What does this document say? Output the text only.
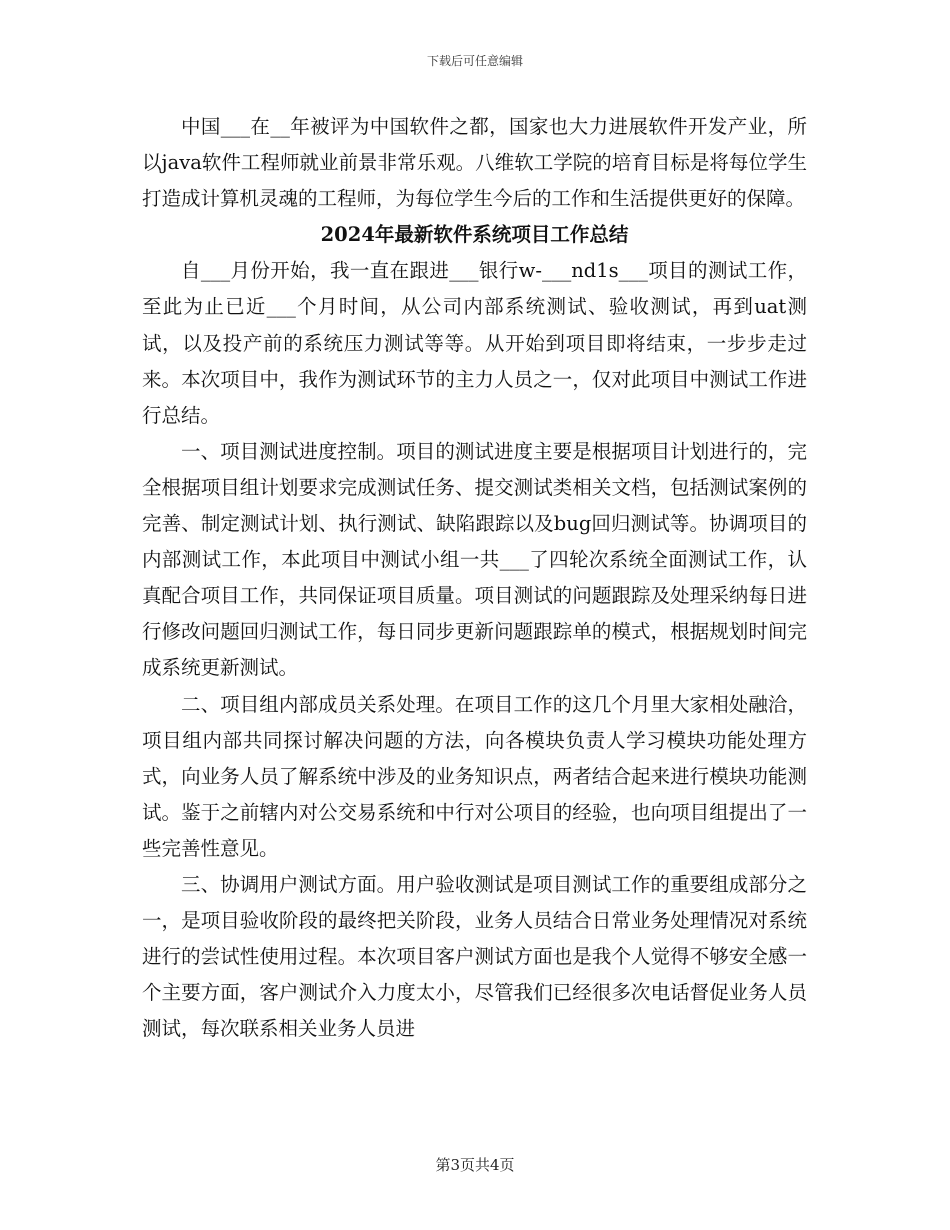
下载后可任意编辑

中国___在__年被评为中国软件之都，国家也大力进展软件开发产业，所以java软件工程师就业前景非常乐观。八维软工学院的培育目标是将每位学生打造成计算机灵魂的工程师，为每位学生今后的工作和生活提供更好的保障。

2024年最新软件系统项目工作总结

自___月份开始，我一直在跟进___银行w-___nd1s___项目的测试工作，至此为止已近___个月时间，从公司内部系统测试、验收测试，再到uat测试，以及投产前的系统压力测试等等。从开始到项目即将结束，一步步走过来。本次项目中，我作为测试环节的主力人员之一，仅对此项目中测试工作进行总结。

一、项目测试进度控制。项目的测试进度主要是根据项目计划进行的，完全根据项目组计划要求完成测试任务、提交测试类相关文档，包括测试案例的完善、制定测试计划、执行测试、缺陷跟踪以及bug回归测试等。协调项目的内部测试工作，本此项目中测试小组一共___了四轮次系统全面测试工作，认真配合项目工作，共同保证项目质量。项目测试的问题跟踪及处理采纳每日进行修改问题回归测试工作，每日同步更新问题跟踪单的模式，根据规划时间完成系统更新测试。

二、项目组内部成员关系处理。在项目工作的这几个月里大家相处融洽，项目组内部共同探讨解决问题的方法，向各模块负责人学习模块功能处理方式，向业务人员了解系统中涉及的业务知识点，两者结合起来进行模块功能测试。鉴于之前辖内对公交易系统和中行对公项目的经验，也向项目组提出了一些完善性意见。

三、协调用户测试方面。用户验收测试是项目测试工作的重要组成部分之一，是项目验收阶段的最终把关阶段，业务人员结合日常业务处理情况对系统进行的尝试性使用过程。本次项目客户测试方面也是我个人觉得不够安全感一个主要方面，客户测试介入力度太小，尽管我们已经很多次电话督促业务人员测试，每次联系相关业务人员进

第3页共4页
